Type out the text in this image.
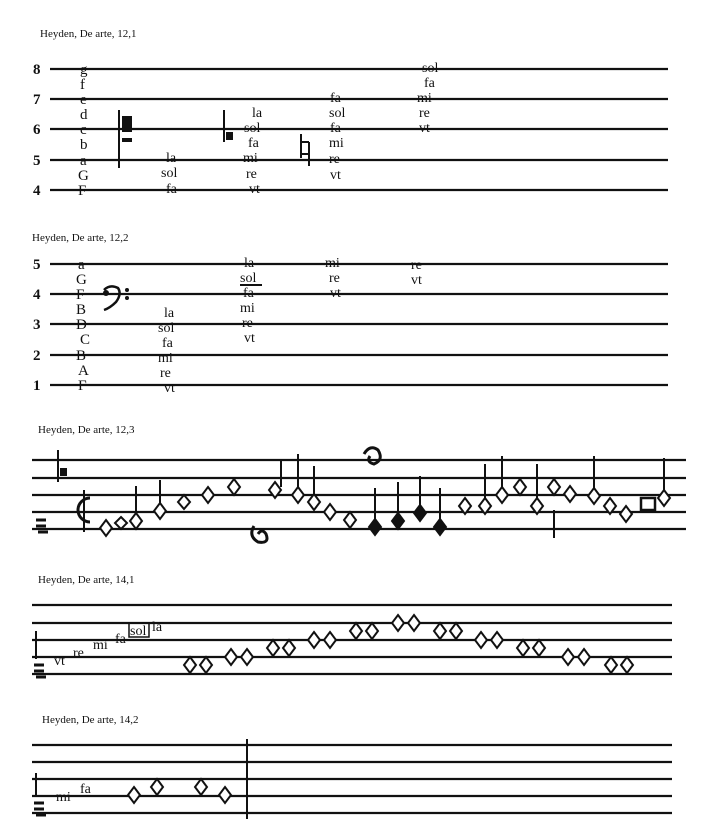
Heyden, De arte, 12,1
8
7
6
5
4
g
f
e
d
c
b
a
G
F
la
sol
fa
la
sol
fa
mi
re
vt
fa
sol
fa
mi
re
vt
sol
fa
mi
re
vt
Heyden, De arte, 12,2
5
4
3
2
1
a
G
F
B
D
C
B
A
Γ
la
sol
fa
mi
re
vt
la
sol
fa
mi
re
vt
mi
re
vt
re
vt
Heyden, De arte, 12,3
Heyden, De arte, 14,1
vt
re
mi fa
sol la
Heyden, De arte, 14,2
mi
fa
